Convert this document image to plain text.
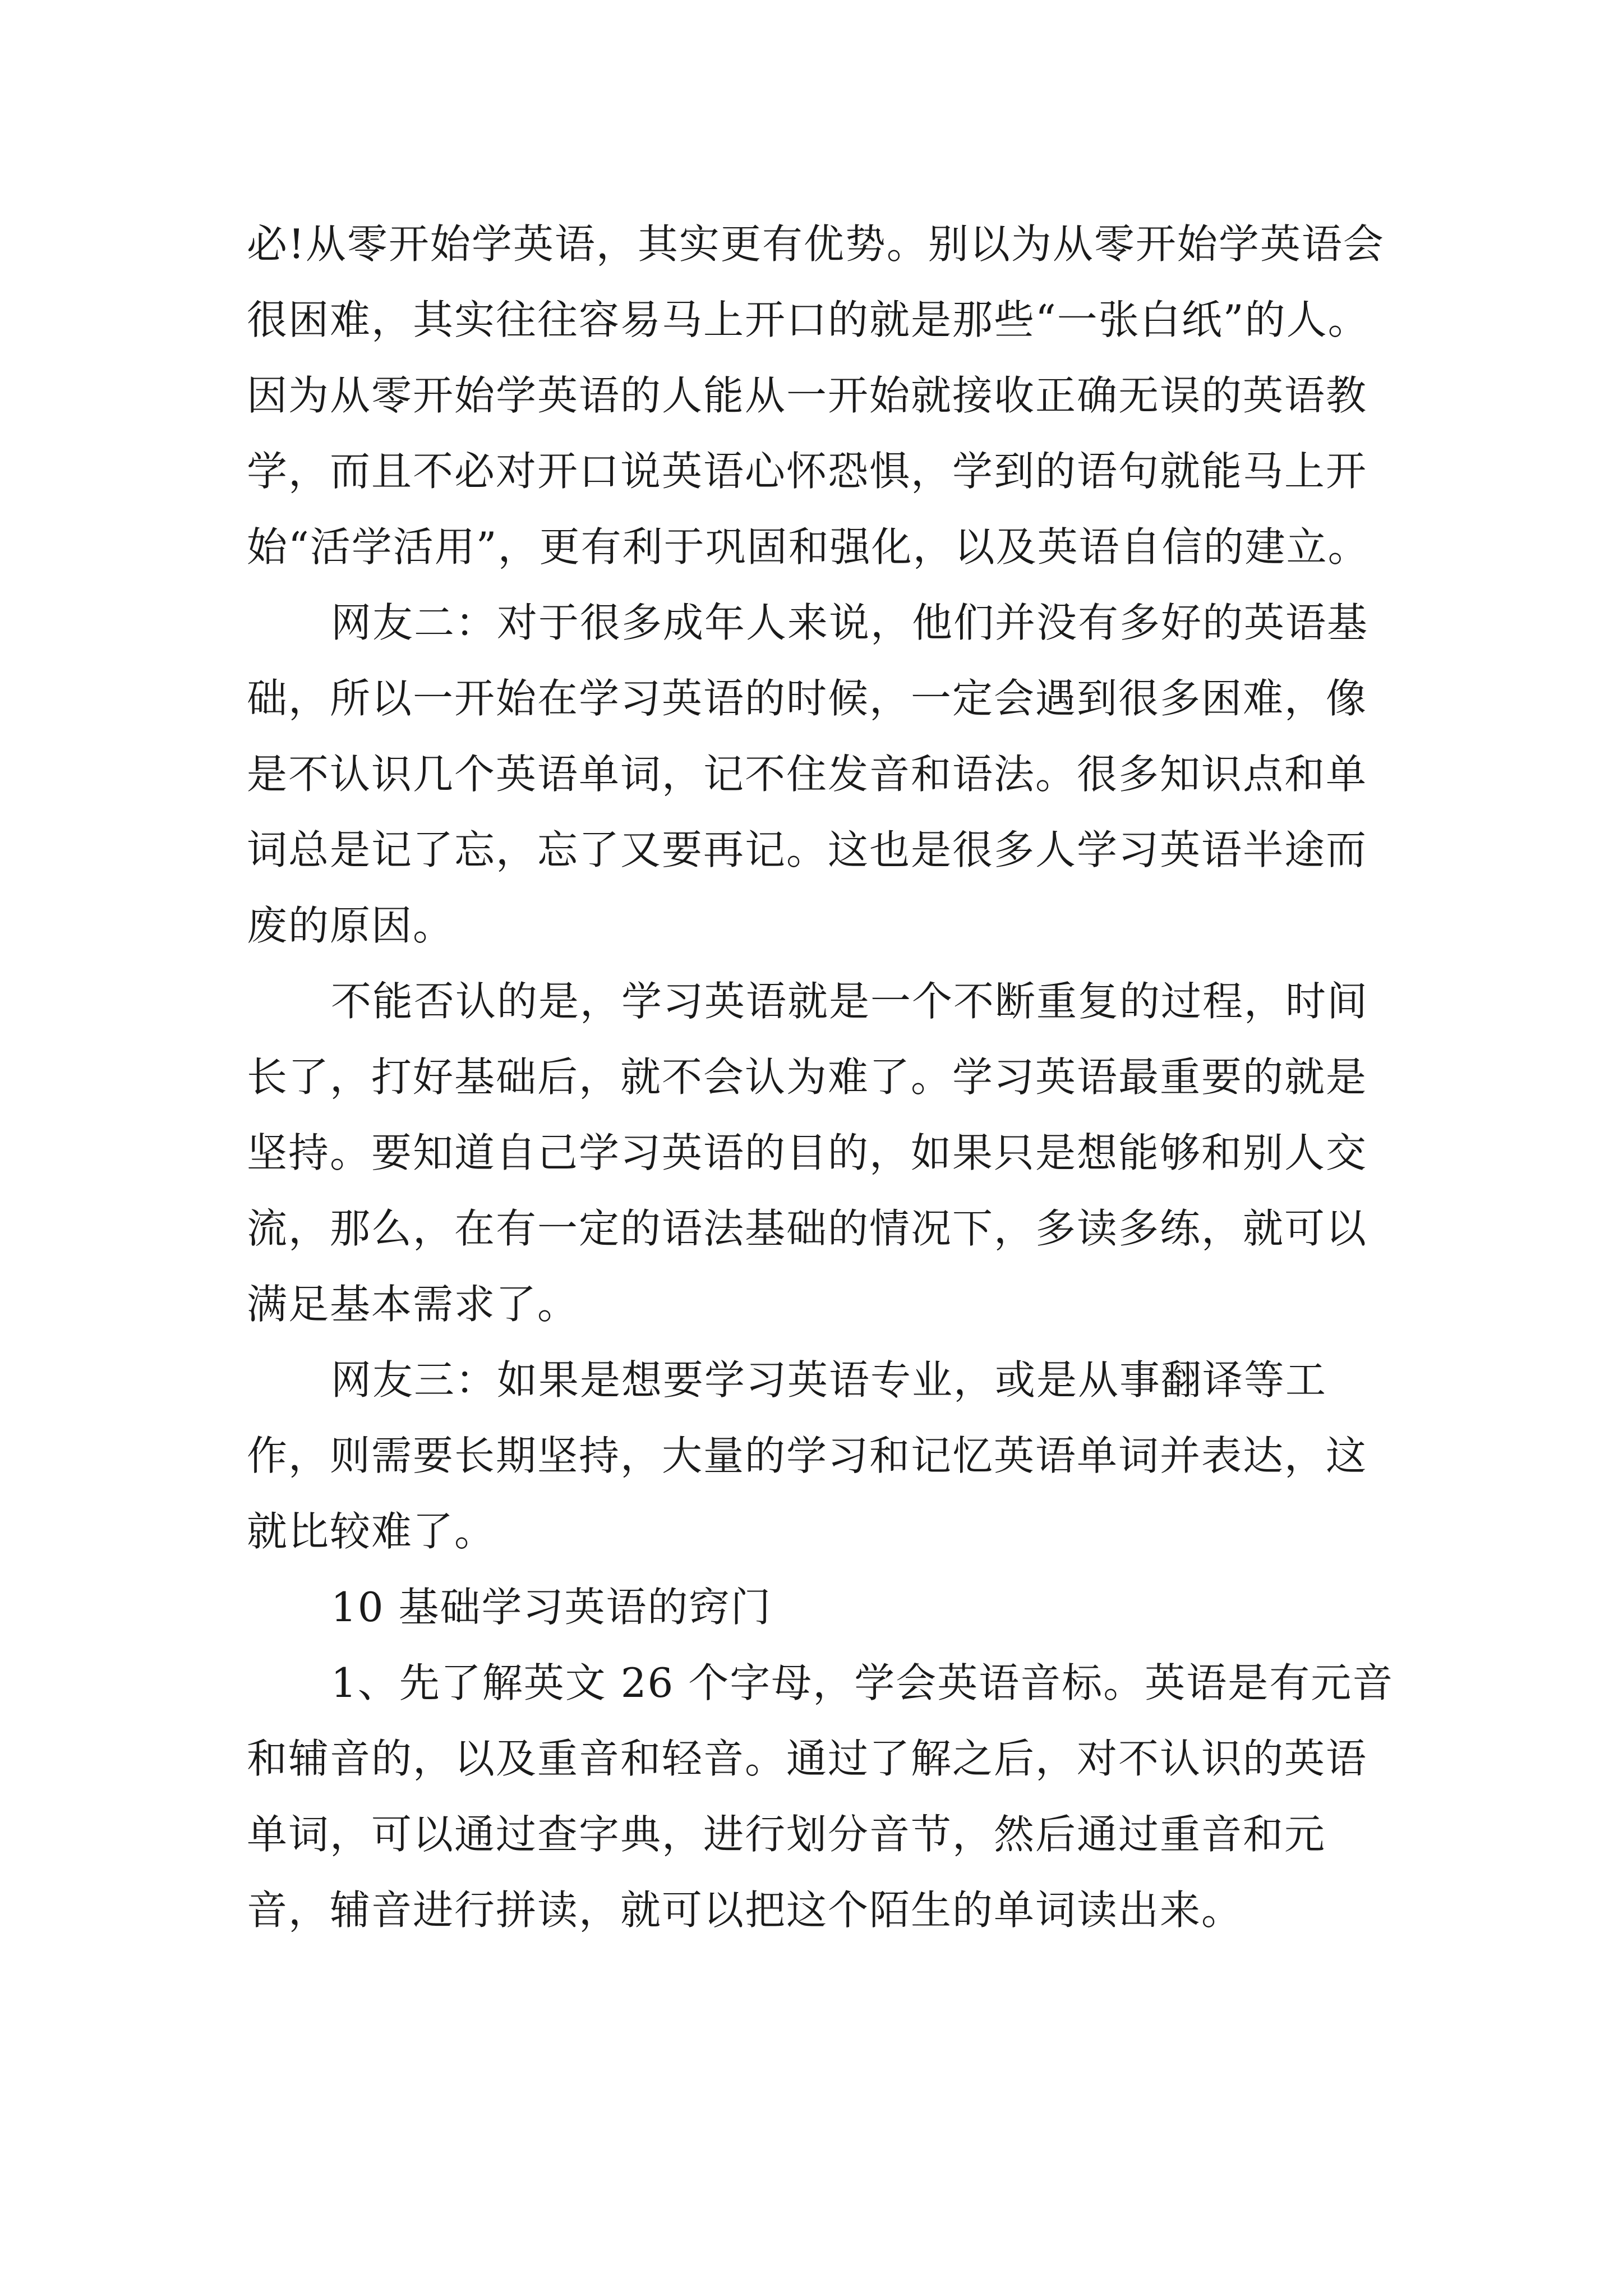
必!从零开始学英语，其实更有优势。别以为从零开始学英语会很困难，其实往往容易马上开口的就是那些“一张白纸”的人。因为从零开始学英语的人能从一开始就接收正确无误的英语教学，而且不必对开口说英语心怀恐惧，学到的语句就能马上开始“活学活用”，更有利于巩固和强化，以及英语自信的建立。

网友二：对于很多成年人来说，他们并没有多好的英语基础，所以一开始在学习英语的时候，一定会遇到很多困难，像是不认识几个英语单词，记不住发音和语法。很多知识点和单词总是记了忘，忘了又要再记。这也是很多人学习英语半途而废的原因。

不能否认的是，学习英语就是一个不断重复的过程，时间长了，打好基础后，就不会认为难了。学习英语最重要的就是坚持。要知道自己学习英语的目的，如果只是想能够和别人交流，那么，在有一定的语法基础的情况下，多读多练，就可以满足基本需求了。

网友三：如果是想要学习英语专业，或是从事翻译等工作，则需要长期坚持，大量的学习和记忆英语单词并表达，这就比较难了。

10 基础学习英语的窍门

1、先了解英文 26 个字母，学会英语音标。英语是有元音和辅音的，以及重音和轻音。通过了解之后，对不认识的英语单词，可以通过查字典，进行划分音节，然后通过重音和元音，辅音进行拼读，就可以把这个陌生的单词读出来。
